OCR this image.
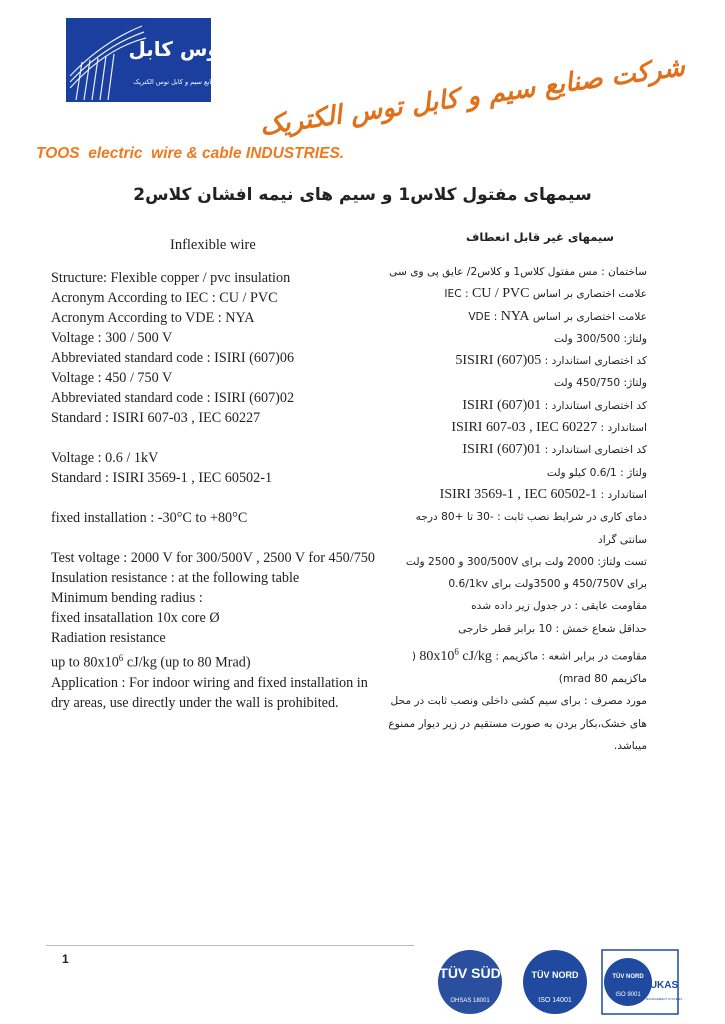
توس کابل
صنایع سیم و کابل توس الکتریک شرکت صنایع سیم و کابل توس الکتریک
TOOS  electric  wire & cable INDUSTRIES.
سیمهای مفتول کلاس1 و سیم های نیمه افشان کلاس2
Inflexible wire	سیمهای غیر قابل انعطاف
Structure: Flexible copper / pvc insulation
Acronym According to IEC : CU / PVC
Acronym According to VDE : NYA
Voltage : 300 / 500 V
Abbreviated standard code : ISIRI (607)06
Voltage : 450 / 750 V
Abbreviated standard code : ISIRI (607)02
Standard : ISIRI 607-03 , IEC 60227
Voltage : 0.6 / 1kV
Standard : ISIRI 3569-1 , IEC 60502-1
fixed installation : -30°C to +80°C
Test voltage : 2000 V for 300/500V , 2500 V for 450/750
Insulation resistance : at the following table
Minimum bending radius :
fixed insatallation 10x core Ø
Radiation resistance
up to $80x10^6$ cJ/kg (up to 80 Mrad)
Application : For indoor wiring and fixed installation in dry areas, use directly under the wall is prohibited.
ساختمان : مس مفتول کلاس1 و کلاس2/ عایق پی وی سی
علامت اختصاری بر اساس IEC : CU / PVC
علامت اختصاری بر اساس VDE : NYA
ولتاژ: 300/500 ولت
کد اختصاری استاندارد : 5ISIRI (607)05
ولتاژ: 450/750 ولت
کد اختصاری استاندارد : ISIRI (607)01
استاندارد : ISIRI 607-03 , IEC 60227
کد اختصاری استاندارد : ISIRI (607)01
ولتاژ : 0.6/1 کیلو ولت
استاندارد : ISIRI 3569-1 , IEC 60502-1
دمای کاری در شرایط نصب ثابت : -30 تا +80 درجه سانتی گراد
تست ولتاژ: 2000 ولت برای 300/500V و 2500 ولت برای 450/750V و 3500ولت برای 0.6/1kv
مقاومت عایقی : در جدول زیر داده شده
حداقل شعاع خمش : 10 برابر قطر خارجی
مقاومت در برابر اشعه : ماکزیمم : $80x10^6$ cJ/kg ( ماکزیمم 80 mrad)
مورد مصرف : برای سیم کشی داخلی ونصب ثابت در محل های خشک،بکار بردن به صورت مستقیم در زیر دیوار ممنوع میباشد.
1
TÜV SÜD
OHSAS 18001
TÜV NORD
ISO 14001
TÜV NORD
ISO 9001
UKAS
MANAGEMENT SYSTEMS
